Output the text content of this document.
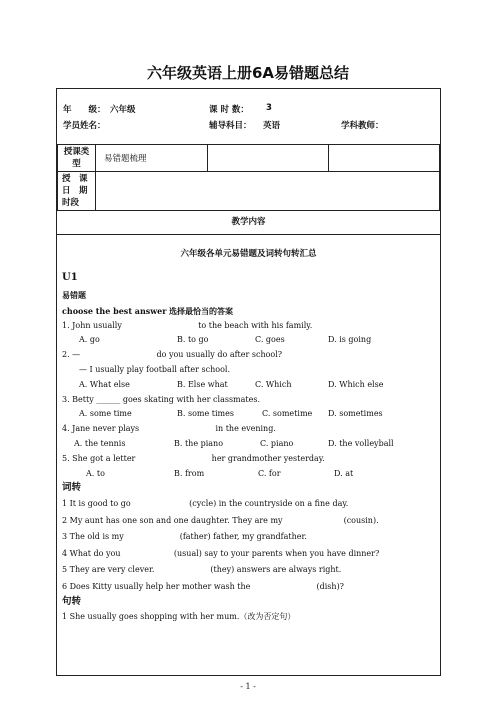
六年级英语上册6A易错题总结
年　　级： 六年级	课 时 数： 3
学员姓名：	辅导科目： 英语	学科教师：
授课类型	易错题梳理		

授　课
日　期
时段			

教学内容
六年级各单元易错题及词转句转汇总
U1
易错题
choose the best answer 选择最恰当的答案
1. John usually                              to the beach with his family.
A. go	B. to go	C. goes	D. is going
2. —                              do you usually do after school?
— I usually play football after school.
A. What else	B. Else what	C. Which	D. Which else
3. Betty ______ goes skating with her classmates.
A. some time	B. some times	C. sometime D. sometimes
4. Jane never plays                              in the evening.
A. the tennis	B. the piano	C. piano	D. the volleyball
5. She got a letter                              her grandmother yesterday.
A. to	B. from	C. for	D. at
词转
1 It is good to go                       (cycle) in the countryside on a fine day.
2 My aunt has one son and one daughter. They are my                        (cousin).
3 The old is my                      (father) father, my grandfather.
4 What do you                     (usual) say to your parents when you have dinner?
5 They are very clever.                      (they) answers are always right.
6 Does Kitty usually help her mother wash the                          (dish)?
句转
1 She usually goes shopping with her mum.（改为否定句）
- 1 -
